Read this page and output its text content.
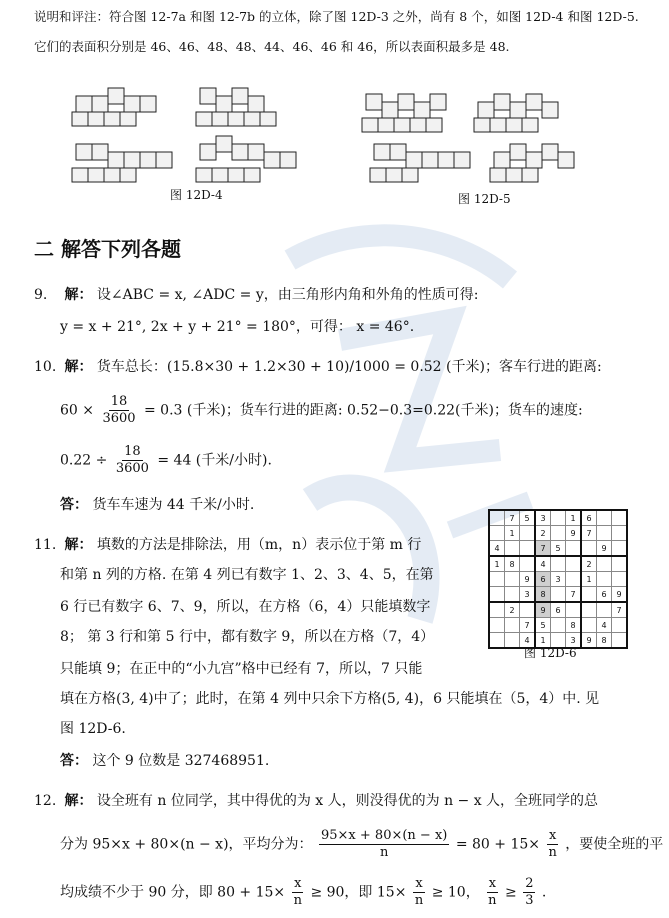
说明和评注：符合图 12-7a 和图 12-7b 的立体，除了图 12D-3 之外，尚有 8 个，如图 12D-4 和图 12D-5.
它们的表面积分别是 46、46、48、48、44、46、46 和 46，所以表面积最多是 48.
图 12D-4	图 12D-5
二 解答下列各题
9. 解： 设∠ABC = x, ∠ADC = y，由三角形内角和外角的性质可得:
y = x + 21°, 2x + y + 21° = 180°，可得： x = 46°.
10. 解： 货车总长：(15.8×30 + 1.2×30 + 10)/1000 = 0.52 (千米)；客车行进的距离:
$60 \times \frac{18}{3600} = 0.3$ (千米)；货车行进的距离: 0.52−0.3=0.22(千米)；货车的速度:
$0.22 \div \frac{18}{3600} = 44$ (千米/小时).
答： 货车车速为 44 千米/小时.
11. 解： 填数的方法是排除法，用（m，n）表示位于第 m 行
和第 n 列的方格. 在第 4 列已有数字 1、2、3、4、5，在第
6 行已有数字 6、7、9，所以，在方格（6，4）只能填数字
8； 第 3 行和第 5 行中，都有数字 9，所以在方格（7，4）
只能填 9；在正中的“小九宫”格中已经有 7，所以，7 只能
填在方格(3, 4)中了；此时，在第 4 列中只余下方格(5, 4)，6 只能填在（5，4）中. 见
图 12D-6.
答： 这个 9 位数是 327468951.
	7	5	3		1	6		
	1		2		9	7		
4			7	5			9	
1	8		4			2		
		9	6	3		1		
		3	8		7		6	9
	2		9	6				7
		7	5		8		4	
		4	1		3	9	8	
图 12D-6
12. 解： 设全班有 n 位同学，其中得优的为 x 人，则没得优的为 n − x 人，全班同学的总
分为 95×x + 80×(n − x)，平均分为： $\frac{95\times x + 80\times(n - x)}{n} = 80 + 15\times \frac{x}{n}$ ，要使全班的平
均成绩不少于 90 分，即 $80 + 15\times \frac{x}{n} \ge 90$，即 $15\times \frac{x}{n} \ge 10$， $\frac{x}{n} \ge \frac{2}{3}$ .
